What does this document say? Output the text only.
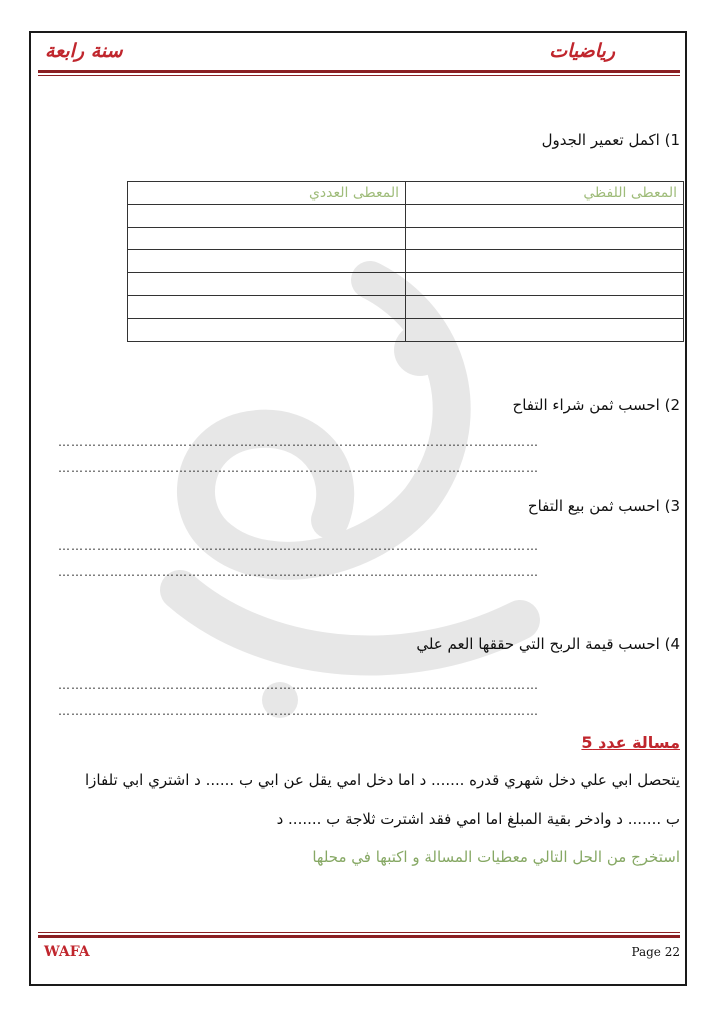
رياضيات
سنة رابعة
1) اكمل تعمير الجدول
المعطى اللفظي	المعطى العددي

2) احسب ثمن شراء التفاح
…………………………………………………………………………………………………
…………………………………………………………………………………………………
3) احسب ثمن بيع التفاح
…………………………………………………………………………………………………
…………………………………………………………………………………………………
4) احسب قيمة الربح التي حققها العم علي
…………………………………………………………………………………………………
…………………………………………………………………………………………………
مسالة عدد 5
يتحصل ابي علي دخل شهري قدره ....... د اما دخل امي يقل عن ابي ب ...... د اشتري ابي تلفازا
ب ....... د وادخر بقية المبلغ اما امي فقد اشترت ثلاجة ب ....... د
استخرج من الحل التالي معطيات المسالة و اكتبها في محلها
WAFA	Page 22
